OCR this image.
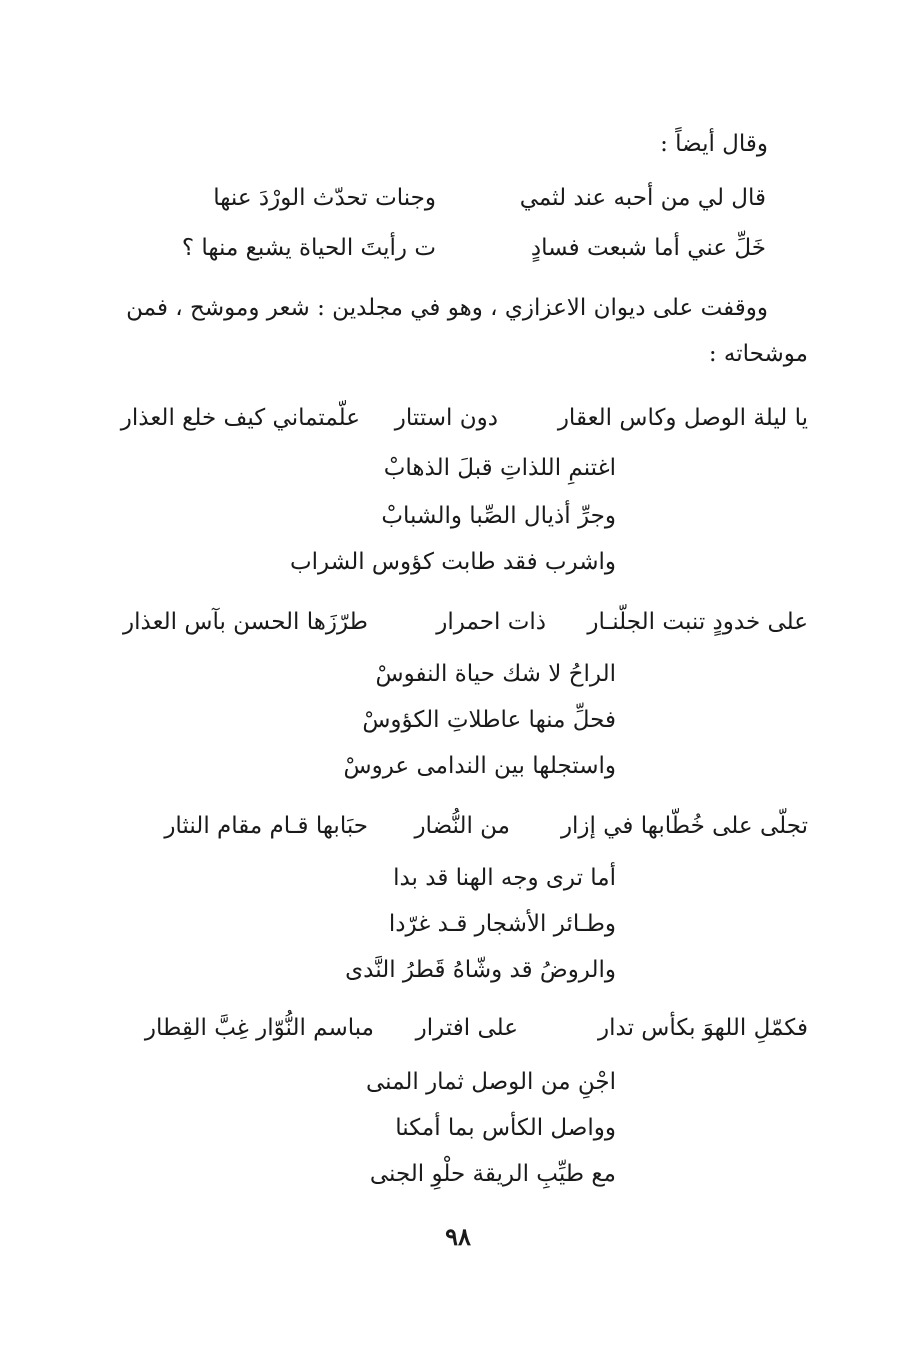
وقال أيضاً :
قال لي من أحبه عند لثمي
وجنات تحدّث الورْدَ عنها
خَلِّ عني أما شبعت فسادٍ
ت رأيتَ الحياة يشبع منها ؟
ووقفت على ديوان الاعزازي ، وهو في مجلدين : شعر وموشح ، فمن
موشحاته :
يا ليلة الوصل وكاس العقار
دون استتار
علّمتماني كيف خلع العذار
اغتنمِ اللذاتِ قبلَ الذهابْ
وجرِّ أذيال الصِّبا والشبابْ
واشرب فقد طابت كؤوس الشراب
على خدودٍ تنبت الجلّنـار
ذات احمرار
طرّزَها الحسن بآس العذار
الراحُ لا شك حياة النفوسْ
فحلِّ منها عاطلاتِ الكؤوسْ
واستجلها بين الندامى عروسْ
تجلّى على خُطّابها في إزار
من النُّضار
حبَابها قـام مقام النثار
أما ترى وجه الهنا قد بدا
وطـائر الأشجار قـد غرّدا
والروضُ قد وشّاهُ قَطرُ النَّدى
فكمّلِ اللهوَ بكأس تدار
على افترار
مباسم النُّوّار غِبَّ القِطار
اجْنِ من الوصل ثمار المنى
وواصل الكأس بما أمكنا
مع طيِّبِ الريقة حلْوِ الجنى
٩٨
